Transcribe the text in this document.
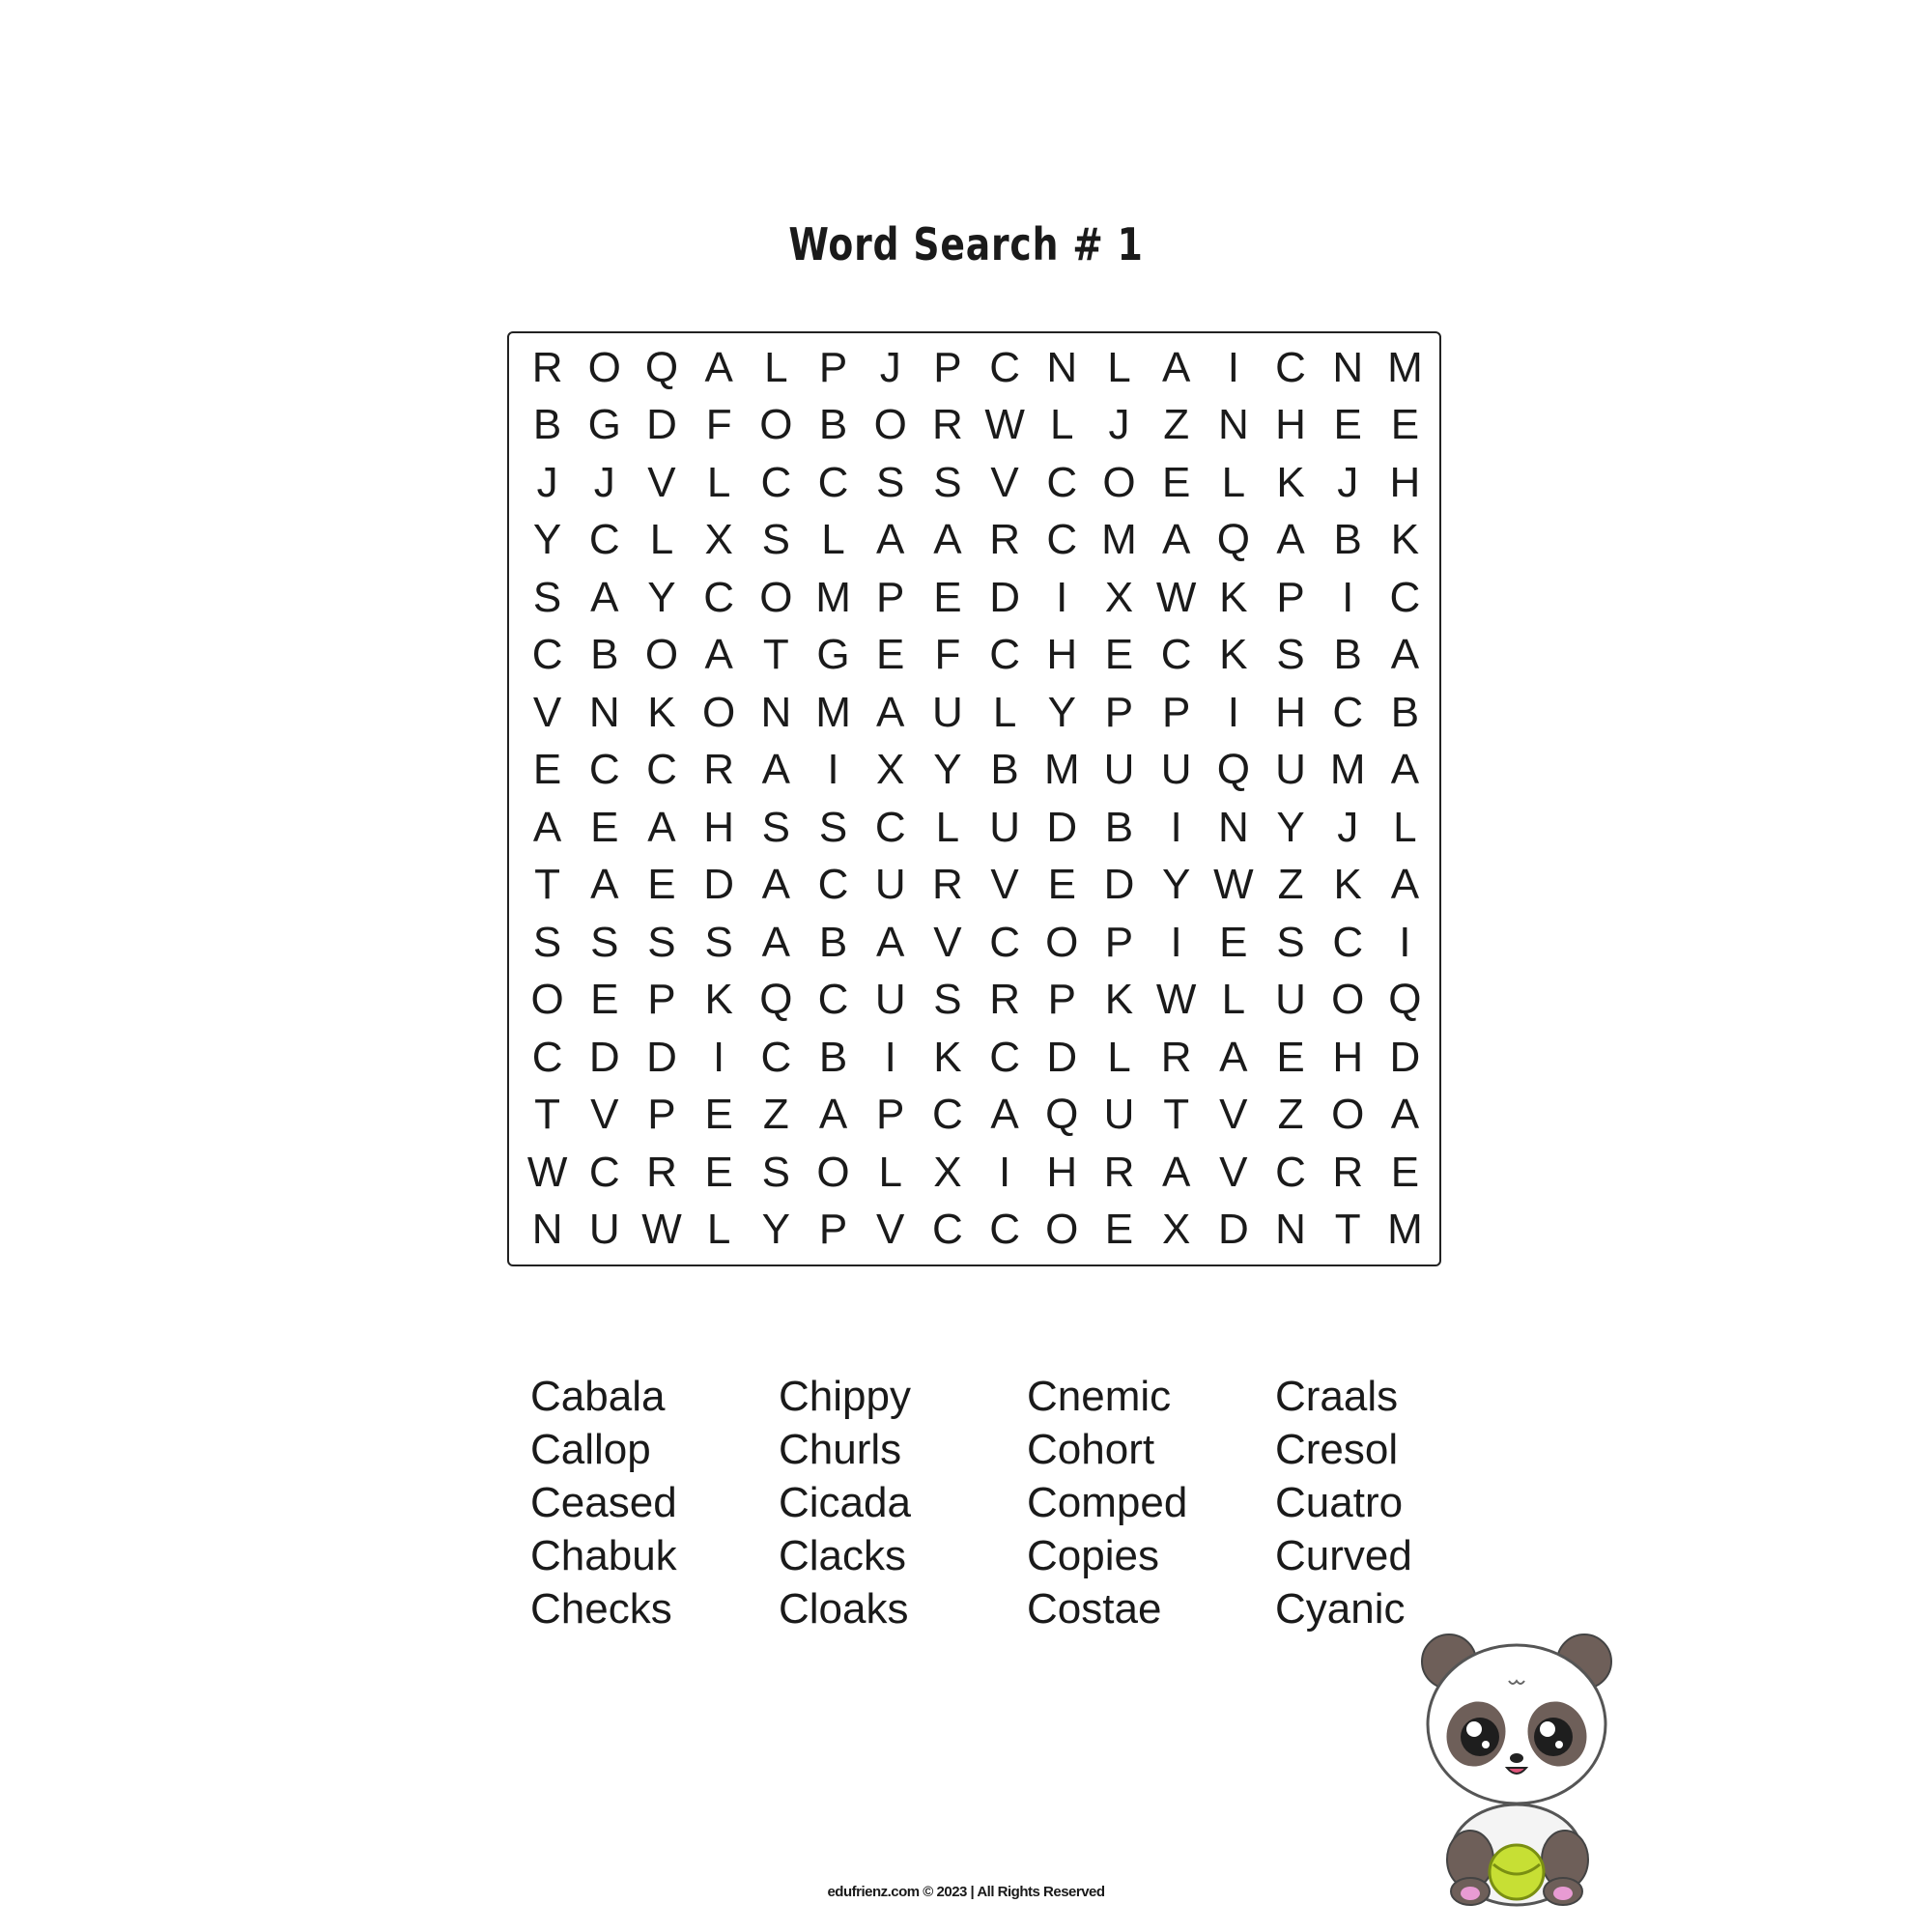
Word Search # 1
R O Q A L P J P C N L A I C N M
B G D F O B O R W L J Z N H E E
J J V L C C S S V C O E L K J H
Y C L X S L A A R C M A Q A B K
S A Y C O M P E D I X W K P I C
C B O A T G E F C H E C K S B A
V N K O N M A U L Y P P I H C B
E C C R A I X Y B M U U Q U M A
A E A H S S C L U D B I N Y J L
T A E D A C U R V E D Y W Z K A
S S S S A B A V C O P I E S C I
O E P K Q C U S R P K W L U O Q
C D D I C B I K C D L R A E H D
T V P E Z A P C A Q U T V Z O A
W C R E S O L X I H R A V C R E
N U W L Y P V C C O E X D N T M
Cabala
Callop
Ceased
Chabuk
Checks
Chippy
Churls
Cicada
Clacks
Cloaks
Cnemic
Cohort
Comped
Copies
Costae
Craals
Cresol
Cuatro
Curved
Cyanic
edufrienz.com © 2023 | All Rights Reserved
